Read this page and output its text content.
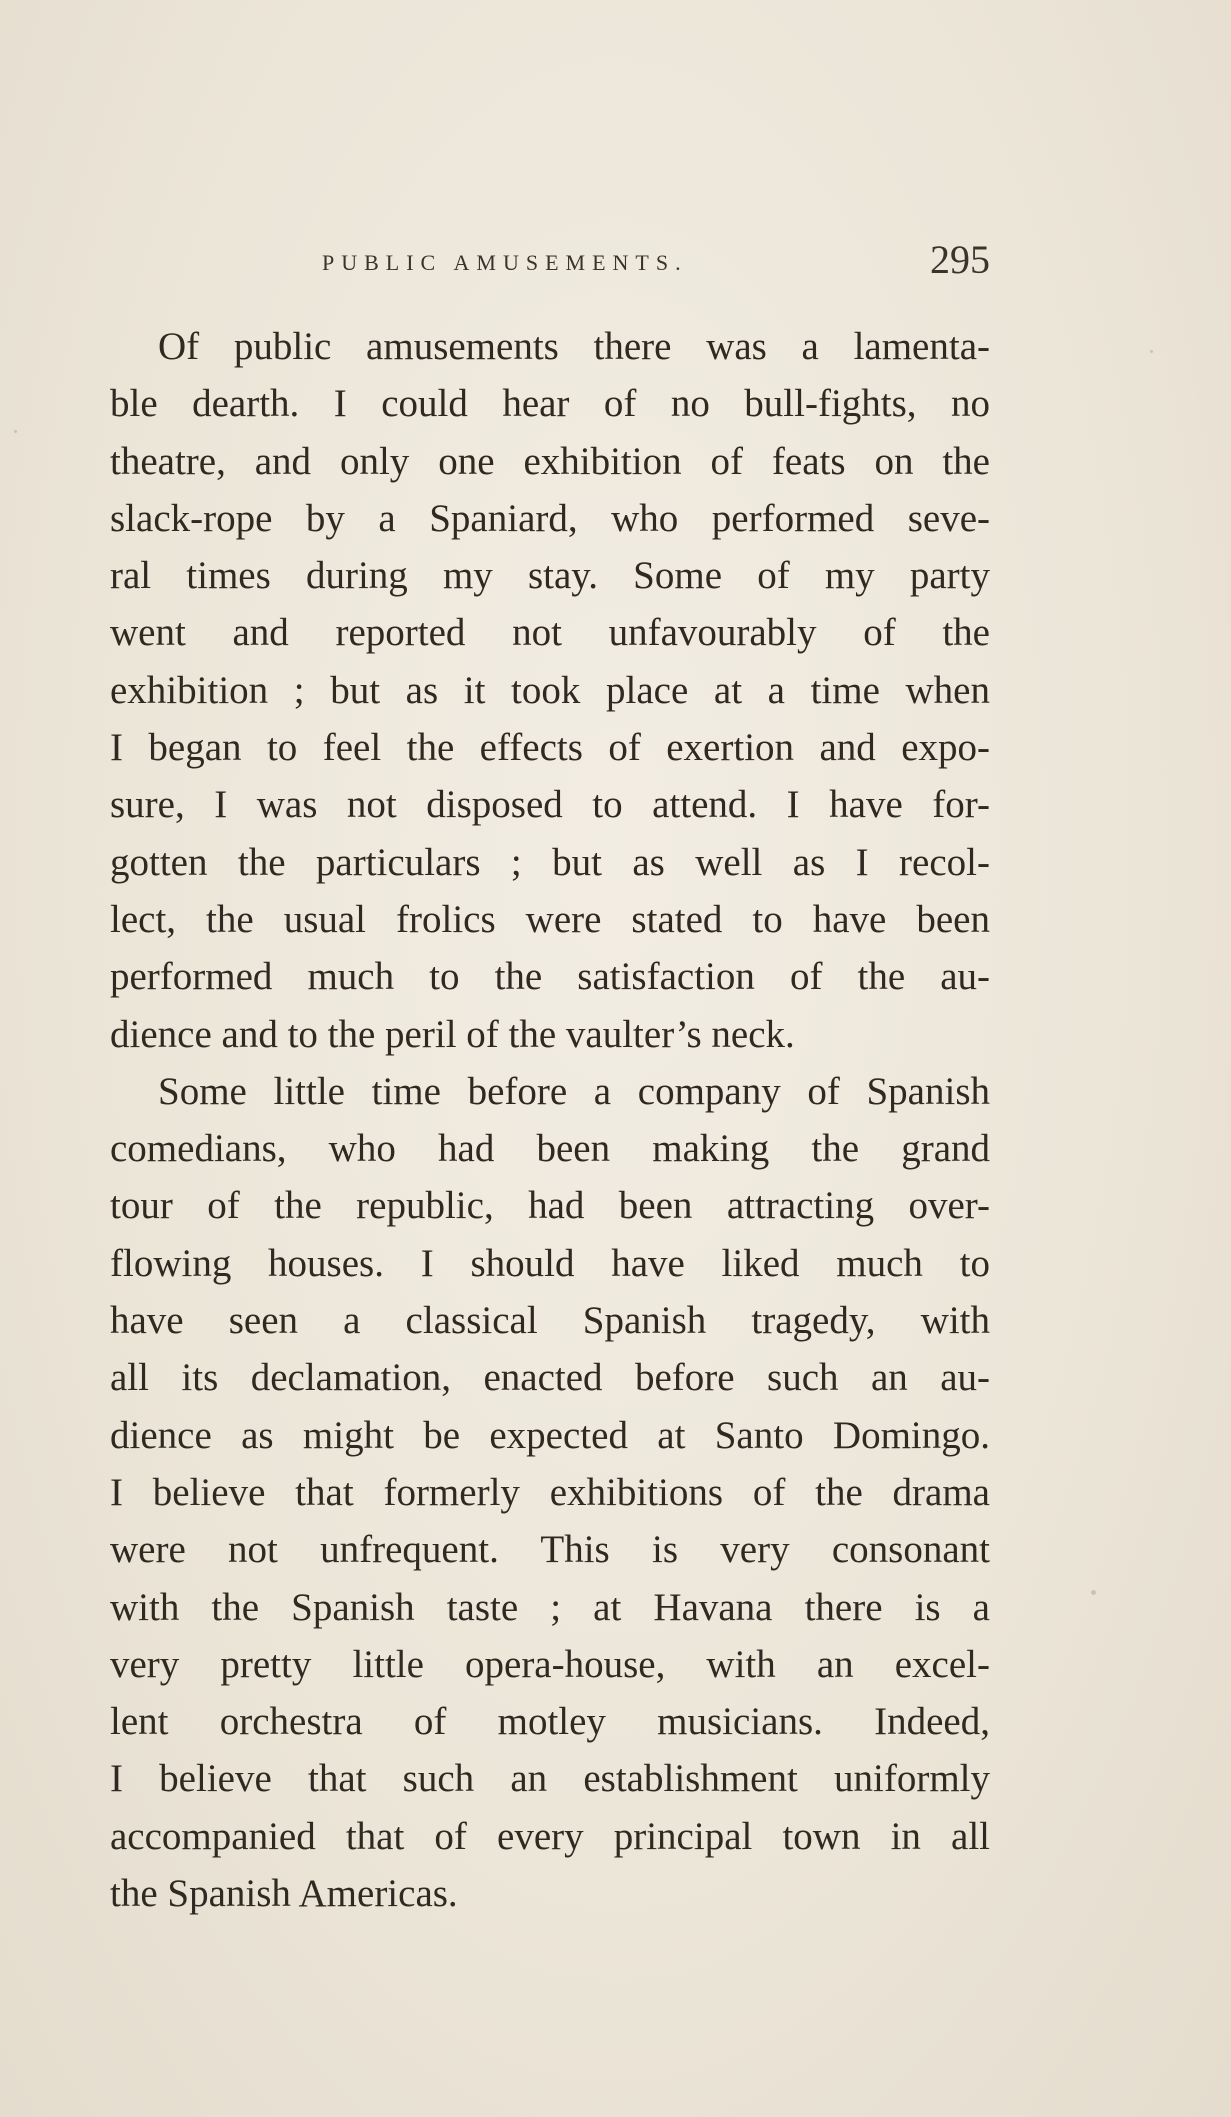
PUBLIC AMUSEMENTS.	295

Of public amusements there was a lamenta-
ble dearth. I could hear of no bull-fights, no
theatre, and only one exhibition of feats on the
slack-rope by a Spaniard, who performed seve-
ral times during my stay. Some of my party
went and reported not unfavourably of the
exhibition ; but as it took place at a time when
I began to feel the effects of exertion and expo-
sure, I was not disposed to attend. I have for-
gotten the particulars ; but as well as I recol-
lect, the usual frolics were stated to have been
performed much to the satisfaction of the au-
dience and to the peril of the vaulter’s neck.

Some little time before a company of Spanish
comedians, who had been making the grand
tour of the republic, had been attracting over-
flowing houses. I should have liked much to
have seen a classical Spanish tragedy, with
all its declamation, enacted before such an au-
dience as might be expected at Santo Domingo.
I believe that formerly exhibitions of the drama
were not unfrequent. This is very consonant
with the Spanish taste ; at Havana there is a
very pretty little opera-house, with an excel-
lent orchestra of motley musicians. Indeed,
I believe that such an establishment uniformly
accompanied that of every principal town in all
the Spanish Americas.
